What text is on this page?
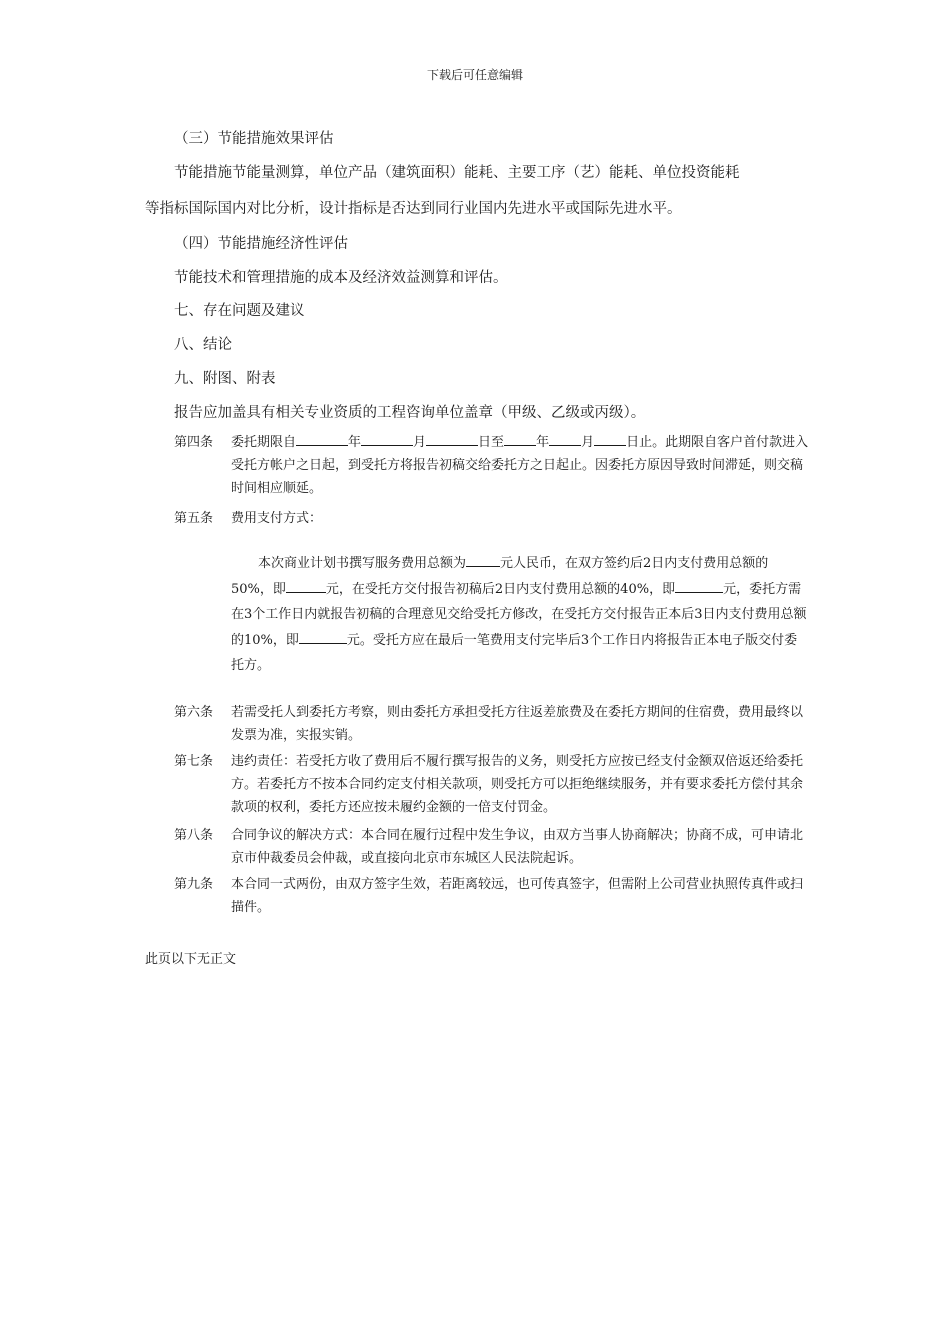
下载后可任意编辑
（三）节能措施效果评估
节能措施节能量测算，单位产品（建筑面积）能耗、主要工序（艺）能耗、单位投资能耗
等指标国际国内对比分析，设计指标是否达到同行业国内先进水平或国际先进水平。
（四）节能措施经济性评估
节能技术和管理措施的成本及经济效益测算和评估。
七、存在问题及建议
八、结论
九、附图、附表
报告应加盖具有相关专业资质的工程咨询单位盖章（甲级、乙级或丙级）。
第四条	委托期限自	年	月	日至 年 月 日止。此期限自客户首付款进入受托方帐户之日起，到受托方将报告初稿交给委托方之日起止。因委托方原因导致时间滞延，则交稿时间相应顺延。
第五条	费用支付方式：
本次商业计划书撰写服务费用总额为	元人民币，在双方签约后2日内支付费用总额的50%，即	元，在受托方交付报告初稿后2日内支付费用总额的40%，即	元，委托方需在3个工作日内就报告初稿的合理意见交给受托方修改，在受托方交付报告正本后3日内支付费用总额的10%，即	元。受托方应在最后一笔费用支付完毕后3个工作日内将报告正本电子版交付委托方。
第六条	若需受托人到委托方考察，则由委托方承担受托方往返差旅费及在委托方期间的住宿费，费用最终以发票为准，实报实销。
第七条	违约责任：若受托方收了费用后不履行撰写报告的义务，则受托方应按已经支付金额双倍返还给委托方。若委托方不按本合同约定支付相关款项，则受托方可以拒绝继续服务，并有要求委托方偿付其余款项的权利，委托方还应按未履约金额的一倍支付罚金。
第八条	合同争议的解决方式：本合同在履行过程中发生争议，由双方当事人协商解决；协商不成，可申请北京市仲裁委员会仲裁，或直接向北京市东城区人民法院起诉。
第九条	本合同一式两份，由双方签字生效，若距离较远，也可传真签字，但需附上公司营业执照传真件或扫描件。
此页以下无正文
